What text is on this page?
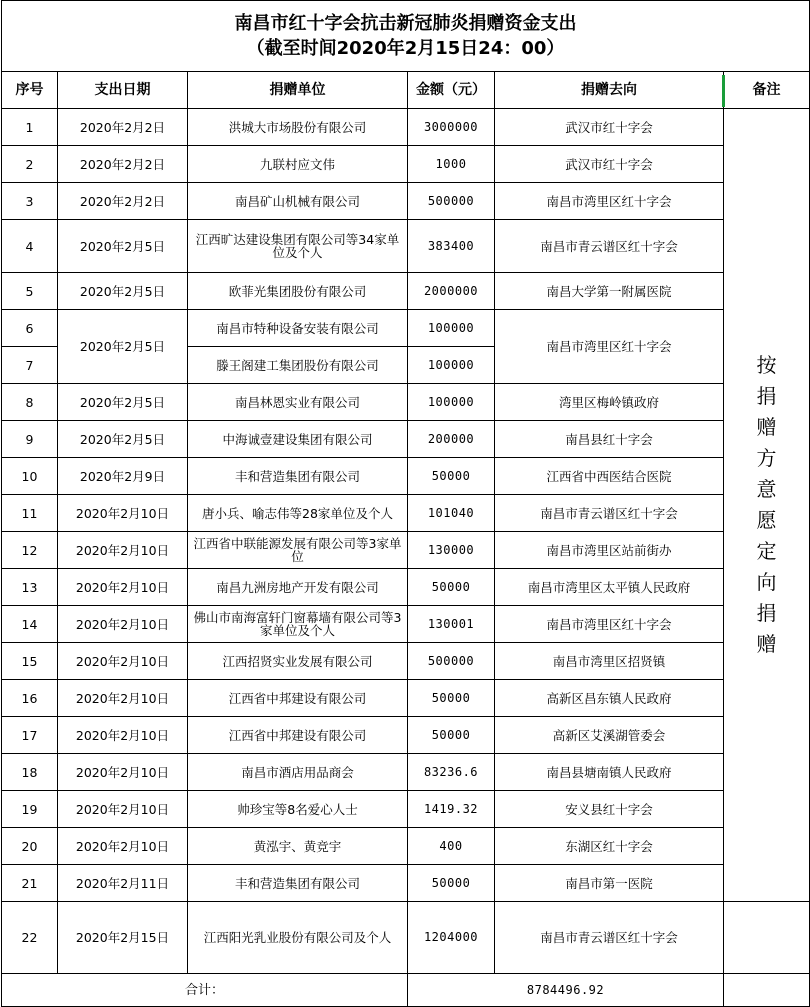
南昌市红十字会抗击新冠肺炎捐赠资金支出
（截至时间2020年2月15日24：00）					

序号	支出日期	捐赠单位	金额（元）	捐赠去向	备注
1	2020年2月2日	洪城大市场股份有限公司	3000000	武汉市红十字会	按捐赠方意愿定向捐赠
2	2020年2月2日	九联村应文伟	1000	武汉市红十字会	
3	2020年2月2日	南昌矿山机械有限公司	500000	南昌市湾里区红十字会	
4	2020年2月5日	江西旷达建设集团有限公司等34家单位及个人	383400	南昌市青云谱区红十字会	
5	2020年2月5日	欧菲光集团股份有限公司	2000000	南昌大学第一附属医院	
6	2020年2月5日	南昌市特种设备安装有限公司	100000	南昌市湾里区红十字会	
7		滕王阁建工集团股份有限公司	100000		
8	2020年2月5日	南昌林恩实业有限公司	100000	湾里区梅岭镇政府	
9	2020年2月5日	中海诚壹建设集团有限公司	200000	南昌县红十字会	
10	2020年2月9日	丰和营造集团有限公司	50000	江西省中西医结合医院	
11	2020年2月10日	唐小兵、喻志伟等28家单位及个人	101040	南昌市青云谱区红十字会	
12	2020年2月10日	江西省中联能源发展有限公司等3家单位	130000	南昌市湾里区站前街办	
13	2020年2月10日	南昌九洲房地产开发有限公司	50000	南昌市湾里区太平镇人民政府	
14	2020年2月10日	佛山市南海富轩门窗幕墙有限公司等3家单位及个人	130001	南昌市湾里区红十字会	
15	2020年2月10日	江西招贤实业发展有限公司	500000	南昌市湾里区招贤镇	
16	2020年2月10日	江西省中邦建设有限公司	50000	高新区昌东镇人民政府	
17	2020年2月10日	江西省中邦建设有限公司	50000	高新区艾溪湖管委会	
18	2020年2月10日	南昌市酒店用品商会	83236.6	南昌县塘南镇人民政府	
19	2020年2月10日	帅珍宝等8名爱心人士	1419.32	安义县红十字会	
20	2020年2月10日	黄泓宇、黄竞宇	400	东湖区红十字会	
21	2020年2月11日	丰和营造集团有限公司	50000	南昌市第一医院	
22	2020年2月15日	江西阳光乳业股份有限公司及个人	1204000	南昌市青云谱区红十字会	
合计：			8784496.92		
